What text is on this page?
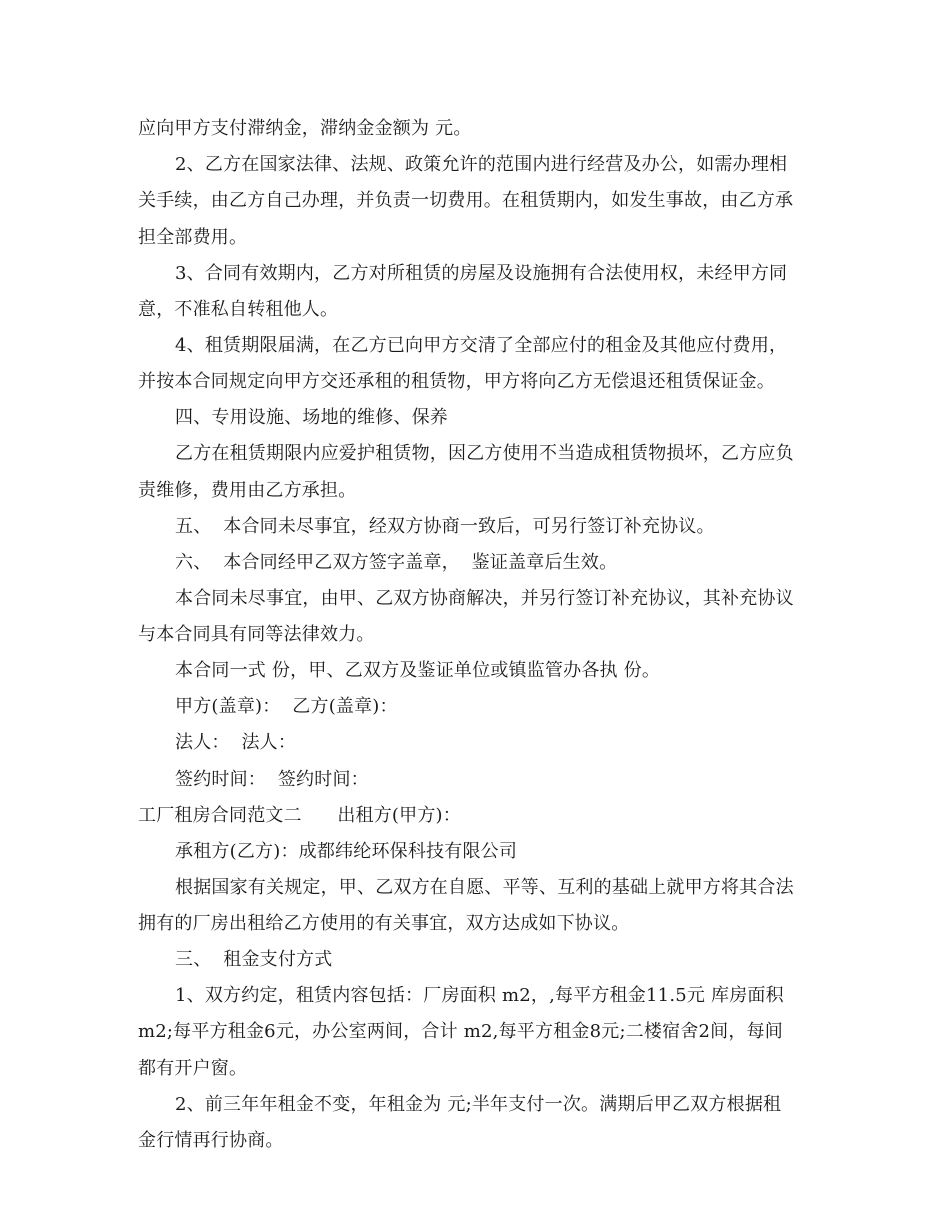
应向甲方支付滞纳金，滞纳金金额为 元。
2、乙方在国家法律、法规、政策允许的范围内进行经营及办公，如需办理相
关手续，由乙方自己办理，并负责一切费用。在租赁期内，如发生事故，由乙方承
担全部费用。
3、合同有效期内，乙方对所租赁的房屋及设施拥有合法使用权，未经甲方同
意，不准私自转租他人。
4、租赁期限届满，在乙方已向甲方交清了全部应付的租金及其他应付费用，
并按本合同规定向甲方交还承租的租赁物，甲方将向乙方无偿退还租赁保证金。
四、专用设施、场地的维修、保养
乙方在租赁期限内应爱护租赁物，因乙方使用不当造成租赁物损坏，乙方应负
责维修，费用由乙方承担。
五、  本合同未尽事宜，经双方协商一致后，可另行签订补充协议。
六、  本合同经甲乙双方签字盖章，  鉴证盖章后生效。
本合同未尽事宜，由甲、乙双方协商解决，并另行签订补充协议，其补充协议
与本合同具有同等法律效力。
本合同一式 份，甲、乙双方及鉴证单位或镇监管办各执 份。
甲方(盖章)：  乙方(盖章)：
法人：  法人：
签约时间：  签约时间：
工厂租房合同范文二      出租方(甲方)：
承租方(乙方)：成都纬纶环保科技有限公司
根据国家有关规定，甲、乙双方在自愿、平等、互利的基础上就甲方将其合法
拥有的厂房出租给乙方使用的有关事宜，双方达成如下协议。
三、  租金支付方式
1、双方约定，租赁内容包括：厂房面积 m2，,每平方租金11.5元 库房面积
m2;每平方租金6元，办公室两间，合计 m2,每平方租金8元;二楼宿舍2间，每间
都有开户窗。
2、前三年年租金不变，年租金为 元;半年支付一次。满期后甲乙双方根据租
金行情再行协商。
